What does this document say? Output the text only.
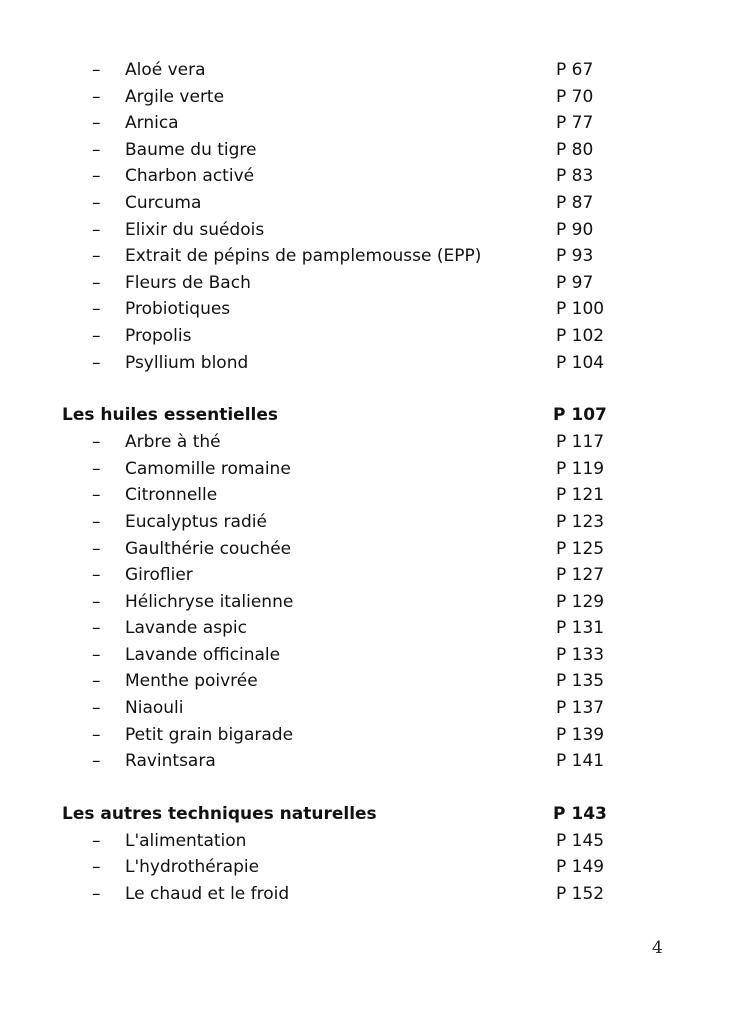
– Aloé vera	P 67
– Argile verte	P 70
– Arnica	P 77
– Baume du tigre	P 80
– Charbon activé	P 83
– Curcuma	P 87
– Elixir du suédois	P 90
– Extrait de pépins de pamplemousse (EPP)	P 93
– Fleurs de Bach	P 97
– Probiotiques	P 100
– Propolis	P 102
– Psyllium blond	P 104
Les huiles essentielles	P 107
– Arbre à thé	P 117
– Camomille romaine	P 119
– Citronnelle	P 121
– Eucalyptus radié	P 123
– Gaulthérie couchée	P 125
– Giroflier	P 127
– Hélichryse italienne	P 129
– Lavande aspic	P 131
– Lavande officinale	P 133
– Menthe poivrée	P 135
– Niaouli	P 137
– Petit grain bigarade	P 139
– Ravintsara	P 141
Les autres techniques naturelles	P 143
– L'alimentation	P 145
– L'hydrothérapie	P 149
– Le chaud et le froid	P 152
4
